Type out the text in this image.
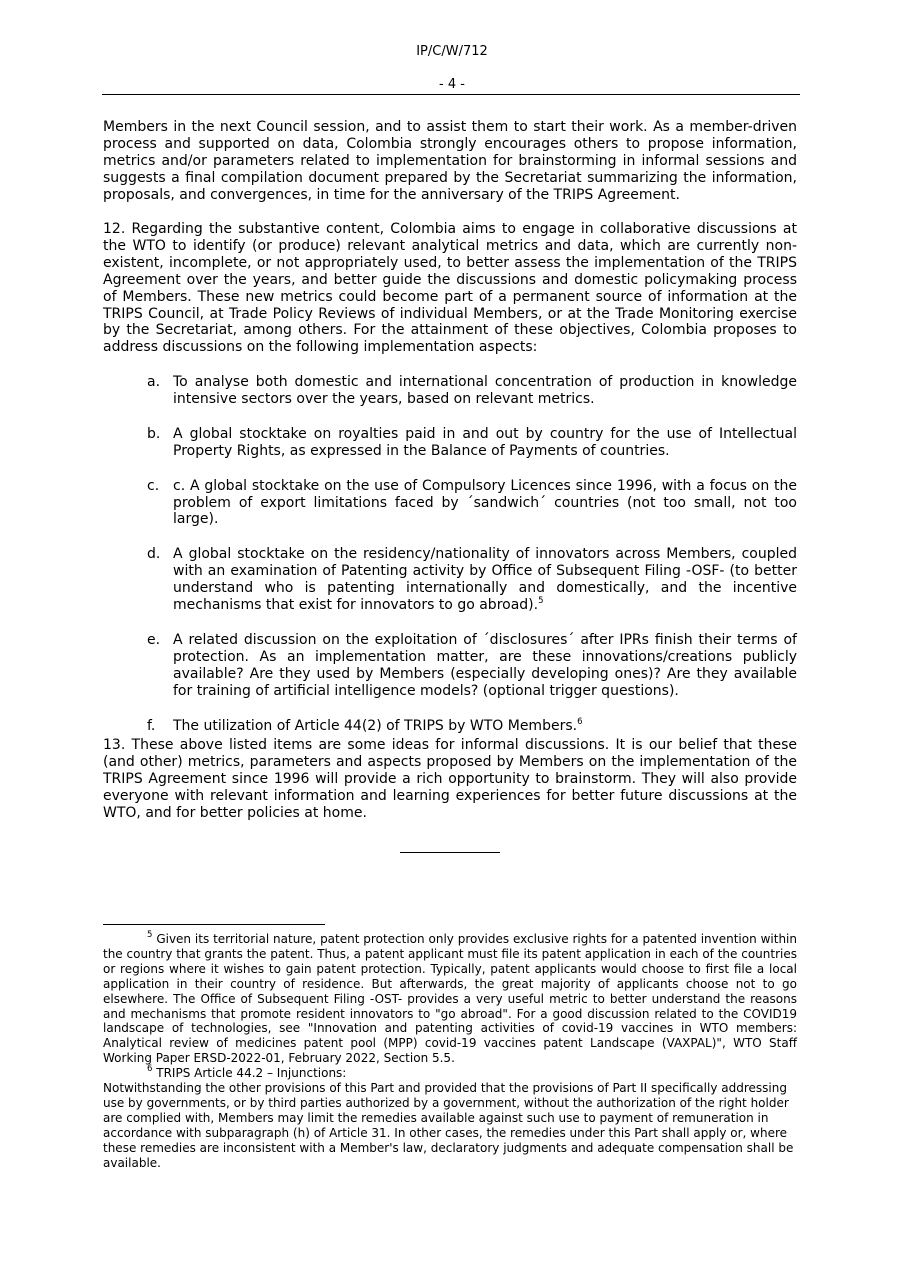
IP/C/W/712
- 4 -
Members in the next Council session, and to assist them to start their work. As a member-driven process and supported on data, Colombia strongly encourages others to propose information, metrics and/or parameters related to implementation for brainstorming in informal sessions and suggests a final compilation document prepared by the Secretariat summarizing the information, proposals, and convergences, in time for the anniversary of the TRIPS Agreement.
12. Regarding the substantive content, Colombia aims to engage in collaborative discussions at the WTO to identify (or produce) relevant analytical metrics and data, which are currently non-existent, incomplete, or not appropriately used, to better assess the implementation of the TRIPS Agreement over the years, and better guide the discussions and domestic policymaking process of Members. These new metrics could become part of a permanent source of information at the TRIPS Council, at Trade Policy Reviews of individual Members, or at the Trade Monitoring exercise by the Secretariat, among others. For the attainment of these objectives, Colombia proposes to address discussions on the following implementation aspects:
a. To analyse both domestic and international concentration of production in knowledge intensive sectors over the years, based on relevant metrics.
b. A global stocktake on royalties paid in and out by country for the use of Intellectual Property Rights, as expressed in the Balance of Payments of countries.
c. c. A global stocktake on the use of Compulsory Licences since 1996, with a focus on the problem of export limitations faced by ´sandwich´ countries (not too small, not too large).
d. A global stocktake on the residency/nationality of innovators across Members, coupled with an examination of Patenting activity by Office of Subsequent Filing -OSF- (to better understand who is patenting internationally and domestically, and the incentive mechanisms that exist for innovators to go abroad).$^5$
e. A related discussion on the exploitation of ´disclosures´ after IPRs finish their terms of protection. As an implementation matter, are these innovations/creations publicly available? Are they used by Members (especially developing ones)? Are they available for training of artificial intelligence models? (optional trigger questions).
f. The utilization of Article 44(2) of TRIPS by WTO Members.$^6$
13. These above listed items are some ideas for informal discussions. It is our belief that these (and other) metrics, parameters and aspects proposed by Members on the implementation of the TRIPS Agreement since 1996 will provide a rich opportunity to brainstorm. They will also provide everyone with relevant information and learning experiences for better future discussions at the WTO, and for better policies at home.
$^5$ Given its territorial nature, patent protection only provides exclusive rights for a patented invention within the country that grants the patent. Thus, a patent applicant must file its patent application in each of the countries or regions where it wishes to gain patent protection. Typically, patent applicants would choose to first file a local application in their country of residence. But afterwards, the great majority of applicants choose not to go elsewhere. The Office of Subsequent Filing -OST- provides a very useful metric to better understand the reasons and mechanisms that promote resident innovators to "go abroad". For a good discussion related to the COVID19 landscape of technologies, see "Innovation and patenting activities of covid-19 vaccines in WTO members: Analytical review of medicines patent pool (MPP) covid-19 vaccines patent Landscape (VAXPAL)", WTO Staff Working Paper ERSD-2022-01, February 2022, Section 5.5.
$^6$ TRIPS Article 44.2 – Injunctions:
Notwithstanding the other provisions of this Part and provided that the provisions of Part II specifically addressing use by governments, or by third parties authorized by a government, without the authorization of the right holder are complied with, Members may limit the remedies available against such use to payment of remuneration in accordance with subparagraph (h) of Article 31. In other cases, the remedies under this Part shall apply or, where these remedies are inconsistent with a Member's law, declaratory judgments and adequate compensation shall be available.
